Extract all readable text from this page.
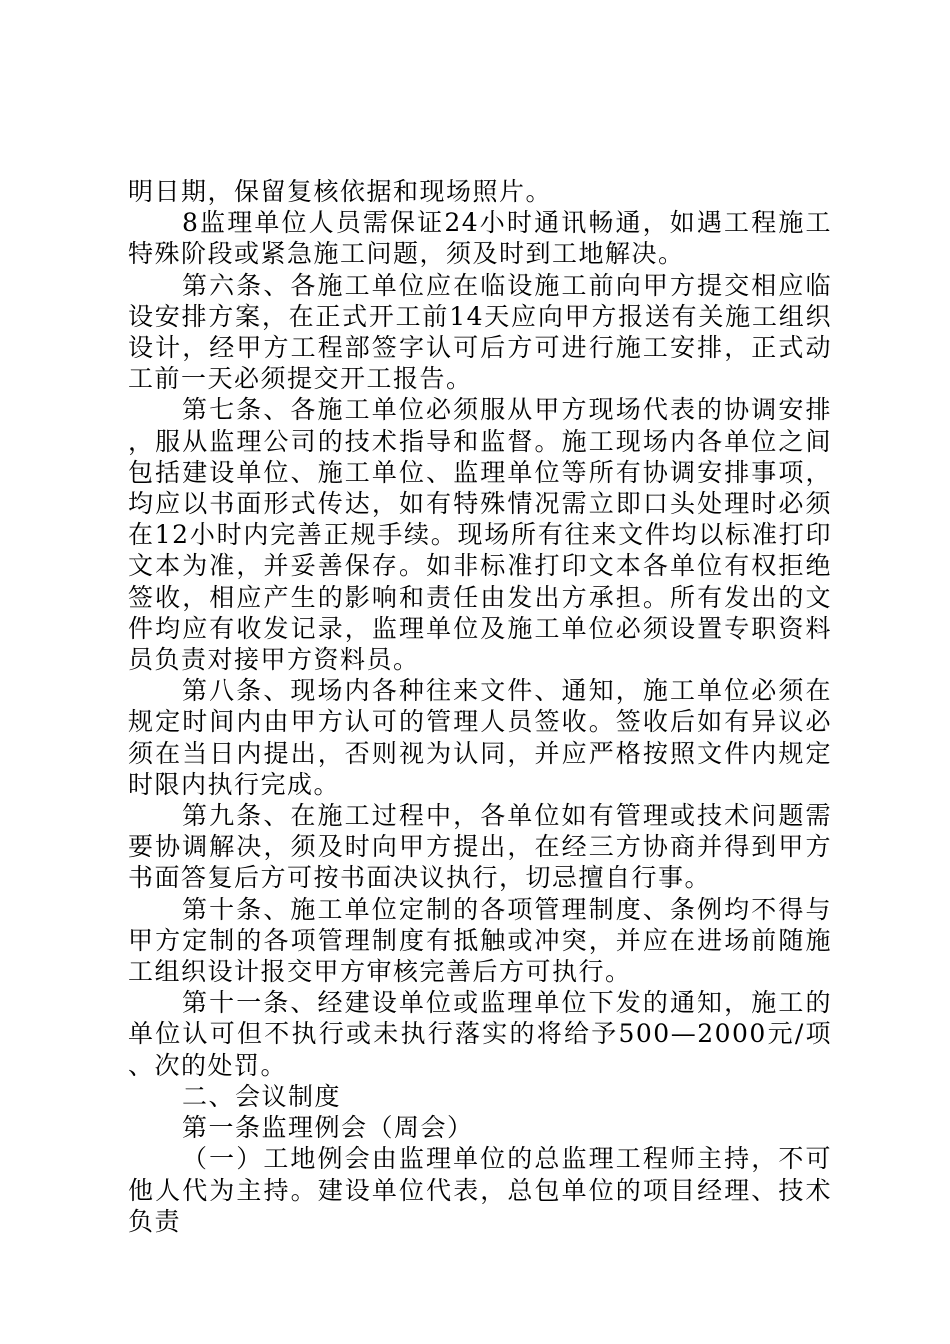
明日期，保留复核依据和现场照片。

8监理单位人员需保证24小时通讯畅通，如遇工程施工特殊阶段或紧急施工问题，须及时到工地解决。

第六条、各施工单位应在临设施工前向甲方提交相应临设安排方案，在正式开工前14天应向甲方报送有关施工组织设计，经甲方工程部签字认可后方可进行施工安排，正式动工前一天必须提交开工报告。

第七条、各施工单位必须服从甲方现场代表的协调安排，服从监理公司的技术指导和监督。施工现场内各单位之间包括建设单位、施工单位、监理单位等所有协调安排事项，均应以书面形式传达，如有特殊情况需立即口头处理时必须在12小时内完善正规手续。现场所有往来文件均以标准打印文本为准，并妥善保存。如非标准打印文本各单位有权拒绝签收，相应产生的影响和责任由发出方承担。所有发出的文件均应有收发记录，监理单位及施工单位必须设置专职资料员负责对接甲方资料员。

第八条、现场内各种往来文件、通知，施工单位必须在规定时间内由甲方认可的管理人员签收。签收后如有异议必须在当日内提出，否则视为认同，并应严格按照文件内规定时限内执行完成。

第九条、在施工过程中，各单位如有管理或技术问题需要协调解决，须及时向甲方提出，在经三方协商并得到甲方书面答复后方可按书面决议执行，切忌擅自行事。

第十条、施工单位定制的各项管理制度、条例均不得与甲方定制的各项管理制度有抵触或冲突，并应在进场前随施工组织设计报交甲方审核完善后方可执行。

第十一条、经建设单位或监理单位下发的通知，施工的单位认可但不执行或未执行落实的将给予500—2000元/项、次的处罚。

二、会议制度

第一条监理例会（周会）

（一）工地例会由监理单位的总监理工程师主持，不可他人代为主持。建设单位代表，总包单位的项目经理、技术负责
